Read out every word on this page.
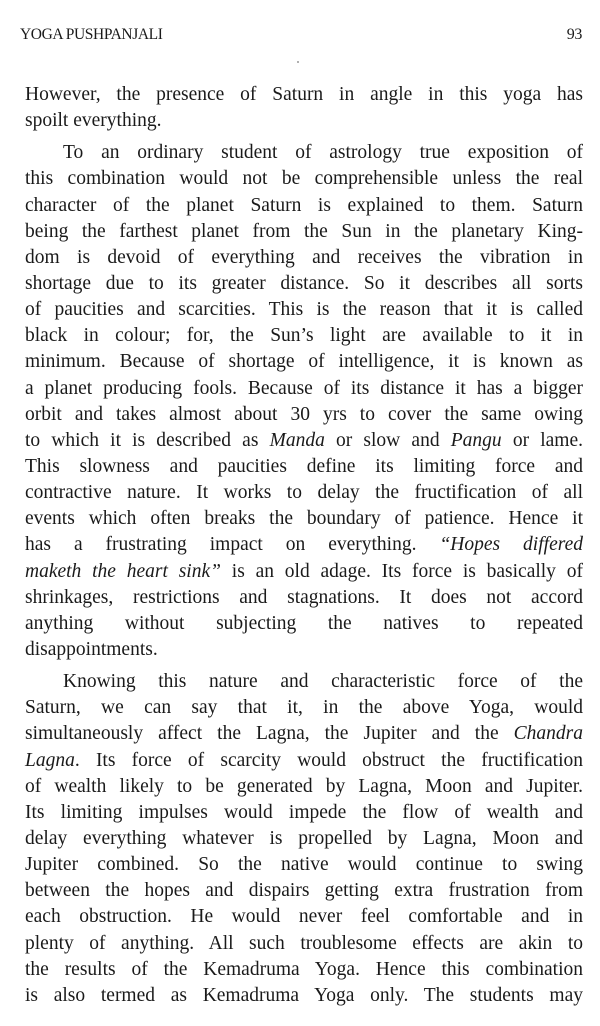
YOGA PUSHPANJALI	93
However, the presence of Saturn in angle in this yoga has
spoilt everything.
To an ordinary student of astrology true exposition of
this combination would not be comprehensible unless the real
character of the planet Saturn is explained to them. Saturn
being the farthest planet from the Sun in the planetary King-
dom is devoid of everything and receives the vibration in
shortage due to its greater distance. So it describes all sorts
of paucities and scarcities. This is the reason that it is called
black in colour; for, the Sun’s light are available to it in
minimum. Because of shortage of intelligence, it is known as
a planet producing fools. Because of its distance it has a bigger
orbit and takes almost about 30 yrs to cover the same owing
to which it is described as Manda or slow and Pangu or lame.
This slowness and paucities define its limiting force and
contractive nature. It works to delay the fructification of all
events which often breaks the boundary of patience. Hence it
has a frustrating impact on everything. “Hopes differed
maketh the heart sink” is an old adage. Its force is basically of
shrinkages, restrictions and stagnations. It does not accord
anything without subjecting the natives to repeated
disappointments.
Knowing this nature and characteristic force of the
Saturn, we can say that it, in the above Yoga, would
simultaneously affect the Lagna, the Jupiter and the Chandra
Lagna. Its force of scarcity would obstruct the fructification
of wealth likely to be generated by Lagna, Moon and Jupiter.
Its limiting impulses would impede the flow of wealth and
delay everything whatever is propelled by Lagna, Moon and
Jupiter combined. So the native would continue to swing
between the hopes and dispairs getting extra frustration from
each obstruction. He would never feel comfortable and in
plenty of anything. All such troublesome effects are akin to
the results of the Kemadruma Yoga. Hence this combination
is also termed as Kemadruma Yoga only. The students may
